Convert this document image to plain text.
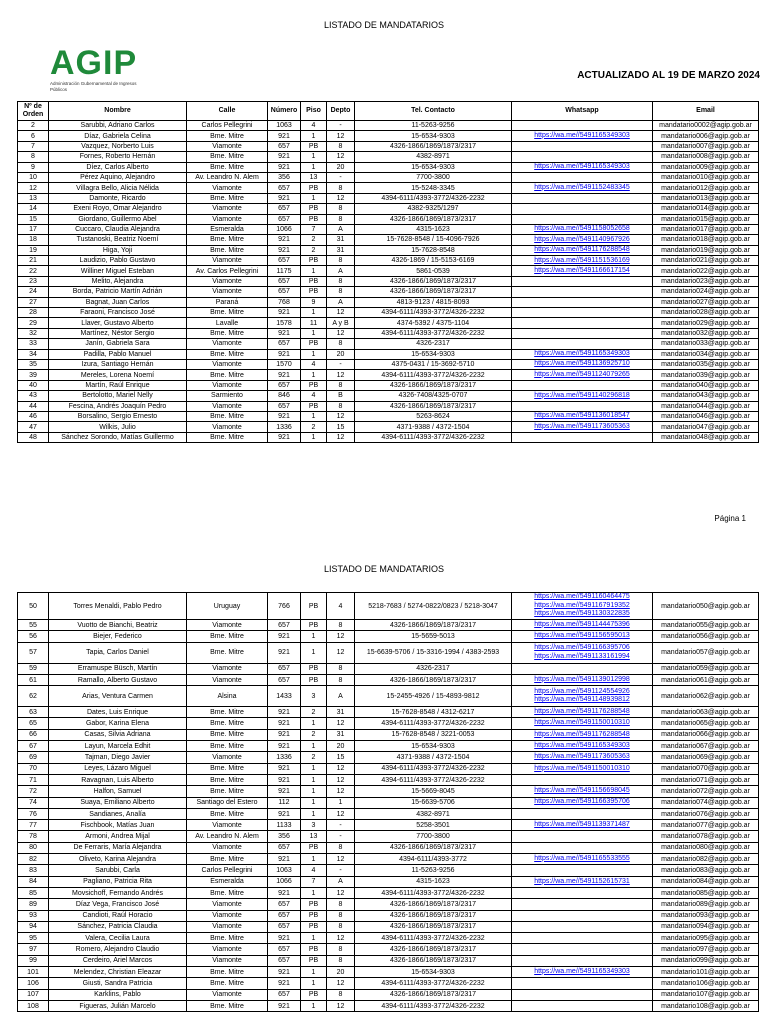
LISTADO DE MANDATARIOS
AGIP
Administración Gubernamental de Ingresos Públicos
ACTUALIZADO AL 19 DE MARZO 2024
Nº de Orden	Nombre	Calle	Número	Piso	Depto	Tel. Contacto	Whatsapp	Email
2	Sarubbi, Adriano Carlos	Carlos Pellegrini	1063	4	-	11-5263-9256		mandatario0002@agip.gob.ar
6	Díaz, Gabriela Celina	Bme. Mitre	921	1	12	15-6534-9303	https://wa.me//5491165349303	mandatario006@agip.gob.ar
7	Vazquez, Norberto Luis	Viamonte	657	PB	8	4326-1866/1869/1873/2317		mandatario007@agip.gob.ar
8	Fornes, Roberto Hernán	Bme. Mitre	921	1	12	4382-8971		mandatario008@agip.gob.ar
9	Díez, Carlos Alberto	Bme. Mitre	921	1	20	15-6534-9303	https://wa.me//5491165349303	mandatario009@agip.gob.ar
10	Pérez Aquino, Alejandro	Av. Leandro N. Alem	356	13	-	7700-3800		mandatario010@agip.gob.ar
12	Villagra Bello, Alicia Nélida	Viamonte	657	PB	8	15-5248-3345	https://wa.me//5491152483345	mandatario012@agip.gob.ar
13	Damonte, Ricardo	Bme. Mitre	921	1	12	4394-6111/4393-3772/4326-2232		mandatario013@agip.gob.ar
14	Exeni Royo, Omar Alejandro	Viamonte	657	PB	8	4382-9325/1297		mandatario014@agip.gob.ar
15	Giordano, Guillermo Abel	Viamonte	657	PB	8	4326-1866/1869/1873/2317		mandatario015@agip.gob.ar
17	Cuccaro, Claudia Alejandra	Esmeralda	1066	7	A	4315-1623	https://wa.me//5491158052658	mandatario017@agip.gob.ar
18	Tustanoski, Beatriz Noemí	Bme. Mitre	921	2	31	15-7628-8548 / 15-4096-7926	https://wa.me//5491140967926	mandatario018@agip.gob.ar
19	Higa, Yoji	Bme. Mitre	921	2	31	15-7628-8548	https://wa.me//5491176288548	mandatario019@agip.gob.ar
21	Laudizio, Pablo Gustavo	Viamonte	657	PB	8	4326-1869 / 15-5153-6169	https://wa.me//5491151536169	mandatario021@agip.gob.ar
22	Williner Miguel Esteban	Av. Carlos Pellegrini	1175	1	A	5861-0539	https://wa.me//5491166617154	mandatario022@agip.gob.ar
23	Melito, Alejandra	Viamonte	657	PB	8	4326-1866/1869/1873/2317		mandatario023@agip.gob.ar
24	Borda, Patricio Martín Adrián	Viamonte	657	PB	8	4326-1866/1869/1873/2317		mandatario024@agip.gob.ar
27	Bagnat, Juan Carlos	Paraná	768	9	A	4813-9123 / 4815-8093		mandatario027@agip.gob.ar
28	Faraoni, Francisco José	Bme. Mitre	921	1	12	4394-6111/4393-3772/4326-2232		mandatario028@agip.gob.ar
29	Llaver, Gustavo Alberto	Lavalle	1578	11	A y B	4374-5392 / 4375-1104		mandatario029@agip.gob.ar
32	Martínez, Néstor Sergio	Bme. Mitre	921	1	12	4394-6111/4393-3772/4326-2232		mandatario032@agip.gob.ar
33	Janín, Gabriela Sara	Viamonte	657	PB	8	4326-2317		mandatario033@agip.gob.ar
34	Padilla, Pablo Manuel	Bme. Mitre	921	1	20	15-6534-9303	https://wa.me//5491165349303	mandatario034@agip.gob.ar
35	Izura, Santiago Hernán	Viamonte	1570	4	-	4375-0431 / 15-3692-5710	https://wa.me//5491136925710	mandatario035@agip.gob.ar
39	Mereles, Lorena Noemí	Bme. Mitre	921	1	12	4394-6111/4393-3772/4326-2232	https://wa.me//5491124079265	mandatario039@agip.gob.ar
40	Martín, Raúl Enrique	Viamonte	657	PB	8	4326-1866/1869/1873/2317		mandatario040@agip.gob.ar
43	Bertolotto, Mariel Nelly	Sarmiento	846	4	B	4326-7408/4325-0707	https://wa.me//5491140296818	mandatario043@agip.gob.ar
44	Fescina, Andrés Joaquín Pedro	Viamonte	657	PB	8	4326-1866/1869/1873/2317		mandatario044@agip.gob.ar
46	Borsalino, Sergio Ernesto	Bme. Mitre	921	1	12	5263-8624	https://wa.me//5491136018547	mandatario046@agip.gob.ar
47	Wilkis, Julio	Viamonte	1336	2	15	4371-9388 / 4372-1504	https://wa.me//5491173605363	mandatario047@agip.gob.ar
48	Sánchez Sorondo, Matías Guillermo	Bme. Mitre	921	1	12	4394-6111/4393-3772/4326-2232		mandatario048@agip.gob.ar
Página 1
LISTADO DE MANDATARIOS
50	Torres Menaldi, Pablo Pedro	Uruguay	766	PB	4	5218-7683 / 5274-0822/0823 / 5218-3047	https://wa.me//5491160464475
https://wa.me//5491167919352
https://wa.me//5491130322835	mandatario050@agip.gob.ar
55	Vuotto de Bianchi, Beatriz	Viamonte	657	PB	8	4326-1866/1869/1873/2317	https://wa.me//5491144475396	mandatario055@agip.gob.ar
56	Biejer, Federico	Bme. Mitre	921	1	12	15-5659-5013	https://wa.me//5491156595013	mandatario056@agip.gob.ar
57	Tapia, Carlos Daniel	Bme. Mitre	921	1	12	15-6639-5706 / 15-3316-1994 / 4383-2593	https://wa.me//5491166395706
https://wa.me//5491133161994	mandatario057@agip.gob.ar
59	Erramuspe Büsch, Martín	Viamonte	657	PB	8	4326-2317		mandatario059@agip.gob.ar
61	Ramallo, Alberto Gustavo	Viamonte	657	PB	8	4326-1866/1869/1873/2317	https://wa.me//5491139012998	mandatario061@agip.gob.ar
62	Arias, Ventura Carmen	Alsina	1433	3	A	15-2455-4926 / 15-4893-9812	https://wa.me//5491124554926
https://wa.me//5491148939812	mandatario062@agip.gob.ar
63	Dates, Luis Enrique	Bme. Mitre	921	2	31	15-7628-8548 / 4312-6217	https://wa.me//5491176288548	mandatario063@agip.gob.ar
65	Gabor, Karina Elena	Bme. Mitre	921	1	12	4394-6111/4393-3772/4326-2232	https://wa.me//5491150010310	mandatario065@agip.gob.ar
66	Casas, Silvia Adriana	Bme. Mitre	921	2	31	15-7628-8548 / 3221-0053	https://wa.me//5491176288548	mandatario066@agip.gob.ar
67	Layun, Marcela Edhit	Bme. Mitre	921	1	20	15-6534-9303	https://wa.me//5491165349303	mandatario067@agip.gob.ar
69	Tajman, Diego Javier	Viamonte	1336	2	15	4371-9388 / 4372-1504	https://wa.me//5491173605363	mandatario069@agip.gob.ar
70	Leyes, Lázaro Miguel	Bme. Mitre	921	1	12	4394-6111/4393-3772/4326-2232	https://wa.me//5491150010310	mandatario070@agip.gob.ar
71	Ravagnan, Luis Alberto	Bme. Mitre	921	1	12	4394-6111/4393-3772/4326-2232		mandatario071@agip.gob.ar
72	Halfon, Samuel	Bme. Mitre	921	1	12	15-5669-8045	https://wa.me//5491156698045	mandatario072@agip.gob.ar
74	Suaya, Emiliano Alberto	Santiago del Estero	112	1	1	15-6639-5706	https://wa.me//5491166395706	mandatario074@agip.gob.ar
76	Sandianes, Analía	Bme. Mitre	921	1	12	4382-8971		mandatario076@agip.gob.ar
77	Fischbook, Matías Juan	Viamonte	1133	3	-	5258-3501	https://wa.me//5491139371487	mandatario077@agip.gob.ar
78	Armoni, Andrea Mijal	Av. Leandro N. Alem	356	13	-	7700-3800		mandatario078@agip.gob.ar
80	De Ferraris, María Alejandra	Viamonte	657	PB	8	4326-1866/1869/1873/2317		mandatario080@agip.gob.ar
82	Oliveto, Karina Alejandra	Bme. Mitre	921	1	12	4394-6111/4393-3772	https://wa.me//5491165533555	mandatario082@agip.gob.ar
83	Sarubbi, Carla	Carlos Pellegrini	1063	4	-	11-5263-9256		mandatario083@agip.gob.ar
84	Pagliano, Patricia Rita	Esmeralda	1066	7	A	4315-1623	https://wa.me//5491152615731	mandatario084@agip.gob.ar
85	Movsichoff, Fernando Andrés	Bme. Mitre	921	1	12	4394-6111/4393-3772/4326-2232		mandatario085@agip.gob.ar
89	Díaz Vega, Francisco José	Viamonte	657	PB	8	4326-1866/1869/1873/2317		mandatario089@agip.gob.ar
93	Candioti, Raúl Horacio	Viamonte	657	PB	8	4326-1866/1869/1873/2317		mandatario093@agip.gob.ar
94	Sánchez, Patricia Claudia	Viamonte	657	PB	8	4326-1866/1869/1873/2317		mandatario094@agip.gob.ar
95	Valera, Cecilia Laura	Bme. Mitre	921	1	12	4394-6111/4393-3772/4326-2232		mandatario095@agip.gob.ar
97	Romero, Alejandro Claudio	Viamonte	657	PB	8	4326-1866/1869/1873/2317		mandatario097@agip.gob.ar
99	Cerdeiro, Ariel Marcos	Viamonte	657	PB	8	4326-1866/1869/1873/2317		mandatario099@agip.gob.ar
101	Melendez, Christian Eleazar	Bme. Mitre	921	1	20	15-6534-9303	https://wa.me//5491165349303	mandatario101@agip.gob.ar
106	Giusti, Sandra Patricia	Bme. Mitre	921	1	12	4394-6111/4393-3772/4326-2232		mandatario106@agip.gob.ar
107	Karklins, Pablo	Viamonte	657	PB	8	4326-1866/1869/1873/2317		mandatario107@agip.gob.ar
108	Figueras, Julián Marcelo	Bme. Mitre	921	1	12	4394-6111/4393-3772/4326-2232		mandatario108@agip.gob.ar
